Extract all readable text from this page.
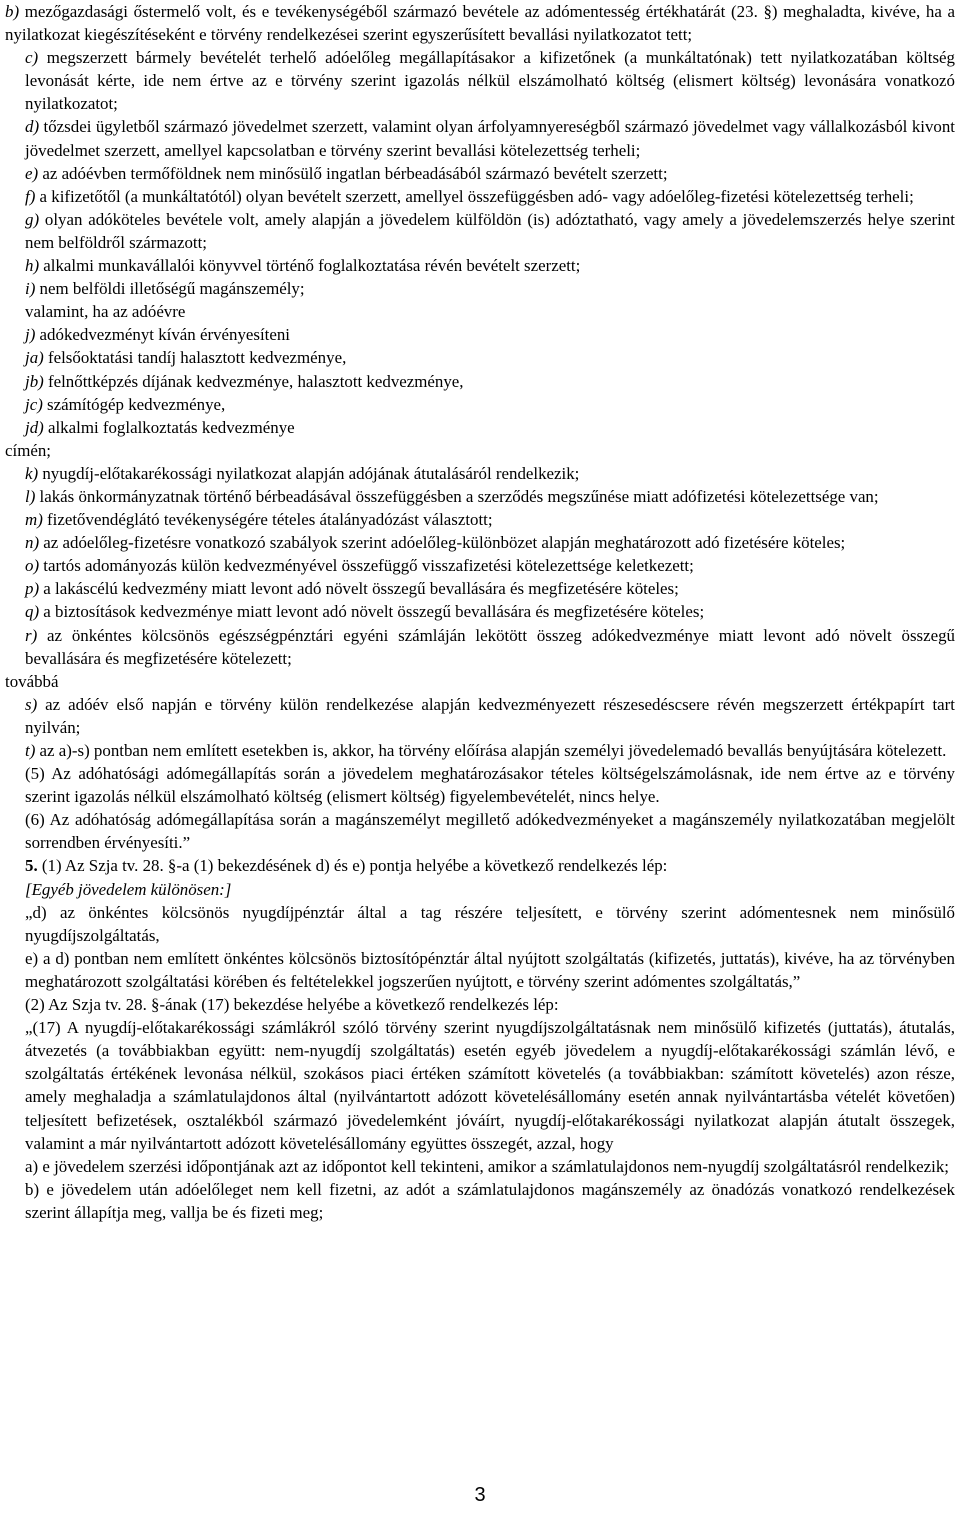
b) mezőgazdasági őstermelő volt, és e tevékenységéből származó bevétele az adómentesség értékhatárát (23. §) meghaladta, kivéve, ha a nyilatkozat kiegészítéseként e törvény rendelkezései szerint egyszerűsített bevallási nyilatkozatot tett;

c) megszerzett bármely bevételét terhelő adóelőleg megállapításakor a kifizetőnek (a munkáltatónak) tett nyilatkozatában költség levonását kérte, ide nem értve az e törvény szerint igazolás nélkül elszámolható költség (elismert költség) levonására vonatkozó nyilatkozatot;

d) tőzsdei ügyletből származó jövedelmet szerzett, valamint olyan árfolyamnyereségből származó jövedelmet vagy vállalkozásból kivont jövedelmet szerzett, amellyel kapcsolatban e törvény szerint bevallási kötelezettség terheli;

e) az adóévben termőföldnek nem minősülő ingatlan bérbeadásából származó bevételt szerzett;

f) a kifizetőtől (a munkáltatótól) olyan bevételt szerzett, amellyel összefüggésben adó- vagy adóelőleg-fizetési kötelezettség terheli;

g) olyan adóköteles bevétele volt, amely alapján a jövedelem külföldön (is) adóztatható, vagy amely a jövedelemszerzés helye szerint nem belföldről származott;

h) alkalmi munkavállalói könyvvel történő foglalkoztatása révén bevételt szerzett;

i) nem belföldi illetőségű magánszemély;

valamint, ha az adóévre

j) adókedvezményt kíván érvényesíteni

ja) felsőoktatási tandíj halasztott kedvezménye,

jb) felnőttképzés díjának kedvezménye, halasztott kedvezménye,

jc) számítógép kedvezménye,

jd) alkalmi foglalkoztatás kedvezménye

címén;

k) nyugdíj-előtakarékossági nyilatkozat alapján adójának átutalásáról rendelkezik;

l) lakás önkormányzatnak történő bérbeadásával összefüggésben a szerződés megszűnése miatt adófizetési kötelezettsége van;

m) fizetővendéglátó tevékenységére tételes átalányadózást választott;

n) az adóelőleg-fizetésre vonatkozó szabályok szerint adóelőleg-különbözet alapján meghatározott adó fizetésére köteles;

o) tartós adományozás külön kedvezményével összefüggő visszafizetési kötelezettsége keletkezett;

p) a lakáscélú kedvezmény miatt levont adó növelt összegű bevallására és megfizetésére köteles;

q) a biztosítások kedvezménye miatt levont adó növelt összegű bevallására és megfizetésére köteles;

r) az önkéntes kölcsönös egészségpénztári egyéni számláján lekötött összeg adókedvezménye miatt levont adó növelt összegű bevallására és megfizetésére kötelezett;

továbbá

s) az adóév első napján e törvény külön rendelkezése alapján kedvezményezett részesedéscsere révén megszerzett értékpapírt tart nyilván;

t) az a)-s) pontban nem említett esetekben is, akkor, ha törvény előírása alapján személyi jövedelemadó bevallás benyújtására kötelezett.

(5) Az adóhatósági adómegállapítás során a jövedelem meghatározásakor tételes költségelszámolásnak, ide nem értve az e törvény szerint igazolás nélkül elszámolható költség (elismert költség) figyelembevételét, nincs helye.

(6) Az adóhatóság adómegállapítása során a magánszemélyt megillető adókedvezményeket a magánszemély nyilatkozatában megjelölt sorrendben érvényesíti.”

5. (1) Az Szja tv. 28. §-a (1) bekezdésének d) és e) pontja helyébe a következő rendelkezés lép:

[Egyéb jövedelem különösen:]

„d) az önkéntes kölcsönös nyugdíjpénztár által a tag részére teljesített, e törvény szerint adómentesnek nem minősülő nyugdíjszolgáltatás,

e) a d) pontban nem említett önkéntes kölcsönös biztosítópénztár által nyújtott szolgáltatás (kifizetés, juttatás), kivéve, ha az törvényben meghatározott szolgáltatási körében és feltételekkel jogszerűen nyújtott, e törvény szerint adómentes szolgáltatás,”

(2) Az Szja tv. 28. §-ának (17) bekezdése helyébe a következő rendelkezés lép:

„(17) A nyugdíj-előtakarékossági számlákról szóló törvény szerint nyugdíjszolgáltatásnak nem minősülő kifizetés (juttatás), átutalás, átvezetés (a továbbiakban együtt: nem-nyugdíj szolgáltatás) esetén egyéb jövedelem a nyugdíj-előtakarékossági számlán lévő, e szolgáltatás értékének levonása nélkül, szokásos piaci értéken számított követelés (a továbbiakban: számított követelés) azon része, amely meghaladja a számlatulajdonos által (nyilvántartott adózott követelésállomány esetén annak nyilvántartásba vételét követően) teljesített befizetések, osztalékból származó jövedelemként jóváírt, nyugdíj-előtakarékossági nyilatkozat alapján átutalt összegek, valamint a már nyilvántartott adózott követelésállomány együttes összegét, azzal, hogy

a) e jövedelem szerzési időpontjának azt az időpontot kell tekinteni, amikor a számlatulajdonos nem-nyugdíj szolgáltatásról rendelkezik;

b) e jövedelem után adóelőleget nem kell fizetni, az adót a számlatulajdonos magánszemély az önadózás vonatkozó rendelkezések szerint állapítja meg, vallja be és fizeti meg;

3
